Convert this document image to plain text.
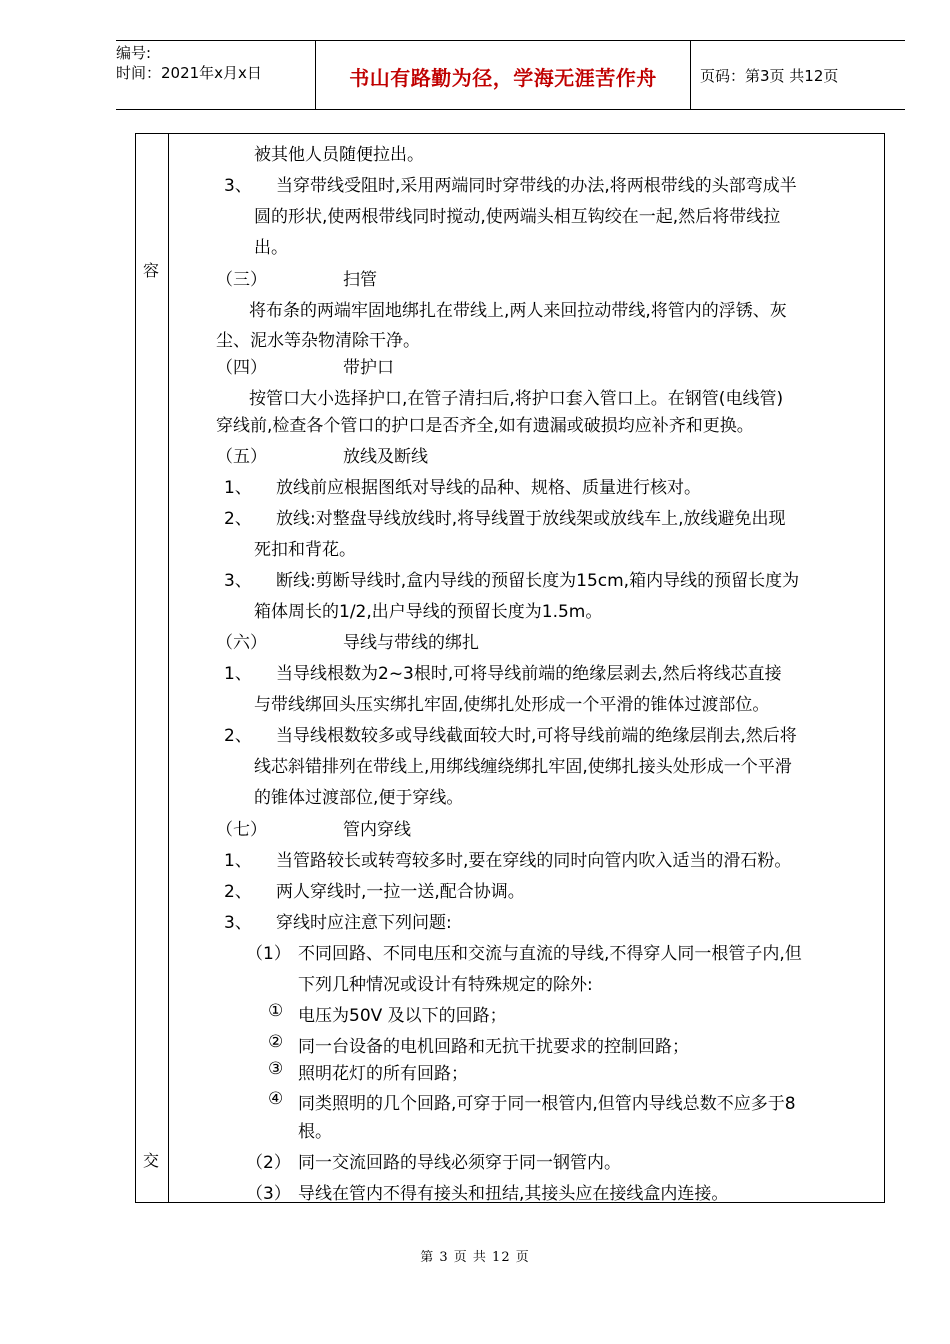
编号:
时间：2021年x月x日	书山有路勤为径，学海无涯苦作舟	页码：第3页 共12页
容
交
被其他人员随便拉出。
3、 当穿带线受阻时,采用两端同时穿带线的办法,将两根带线的头部弯成半
圆的形状,使两根带线同时搅动,使两端头相互钩绞在一起,然后将带线拉
出。
（三）	扫管
将布条的两端牢固地绑扎在带线上,两人来回拉动带线,将管内的浮锈、灰
尘、泥水等杂物清除干净。
（四）	带护口
按管口大小选择护口,在管子清扫后,将护口套入管口上。在钢管(电线管)
穿线前,检查各个管口的护口是否齐全,如有遗漏或破损均应补齐和更换。
（五）	放线及断线
1、 放线前应根据图纸对导线的品种、规格、质量进行核对。
2、 放线:对整盘导线放线时,将导线置于放线架或放线车上,放线避免出现
死扣和背花。
3、 断线:剪断导线时,盒内导线的预留长度为15cm,箱内导线的预留长度为
箱体周长的1/2,出户导线的预留长度为1.5m。
（六）	导线与带线的绑扎
1、 当导线根数为2~3根时,可将导线前端的绝缘层剥去,然后将线芯直接
与带线绑回头压实绑扎牢固,使绑扎处形成一个平滑的锥体过渡部位。
2、 当导线根数较多或导线截面较大时,可将导线前端的绝缘层削去,然后将
线芯斜错排列在带线上,用绑线缠绕绑扎牢固,使绑扎接头处形成一个平滑
的锥体过渡部位,便于穿线。
（七）	管内穿线
1、 当管路较长或转弯较多时,要在穿线的同时向管内吹入适当的滑石粉。
2、 两人穿线时,一拉一送,配合协调。
3、 穿线时应注意下列问题:
（1） 不同回路、不同电压和交流与直流的导线,不得穿人同一根管子内,但
下列几种情况或设计有特殊规定的除外:
① 电压为50V 及以下的回路；
② 同一台设备的电机回路和无抗干扰要求的控制回路；
③ 照明花灯的所有回路；
④ 同类照明的几个回路,可穿于同一根管内,但管内导线总数不应多于8
根。
（2） 同一交流回路的导线必须穿于同一钢管内。
（3） 导线在管内不得有接头和扭结,其接头应在接线盒内连接。
第 3 页 共 12 页
